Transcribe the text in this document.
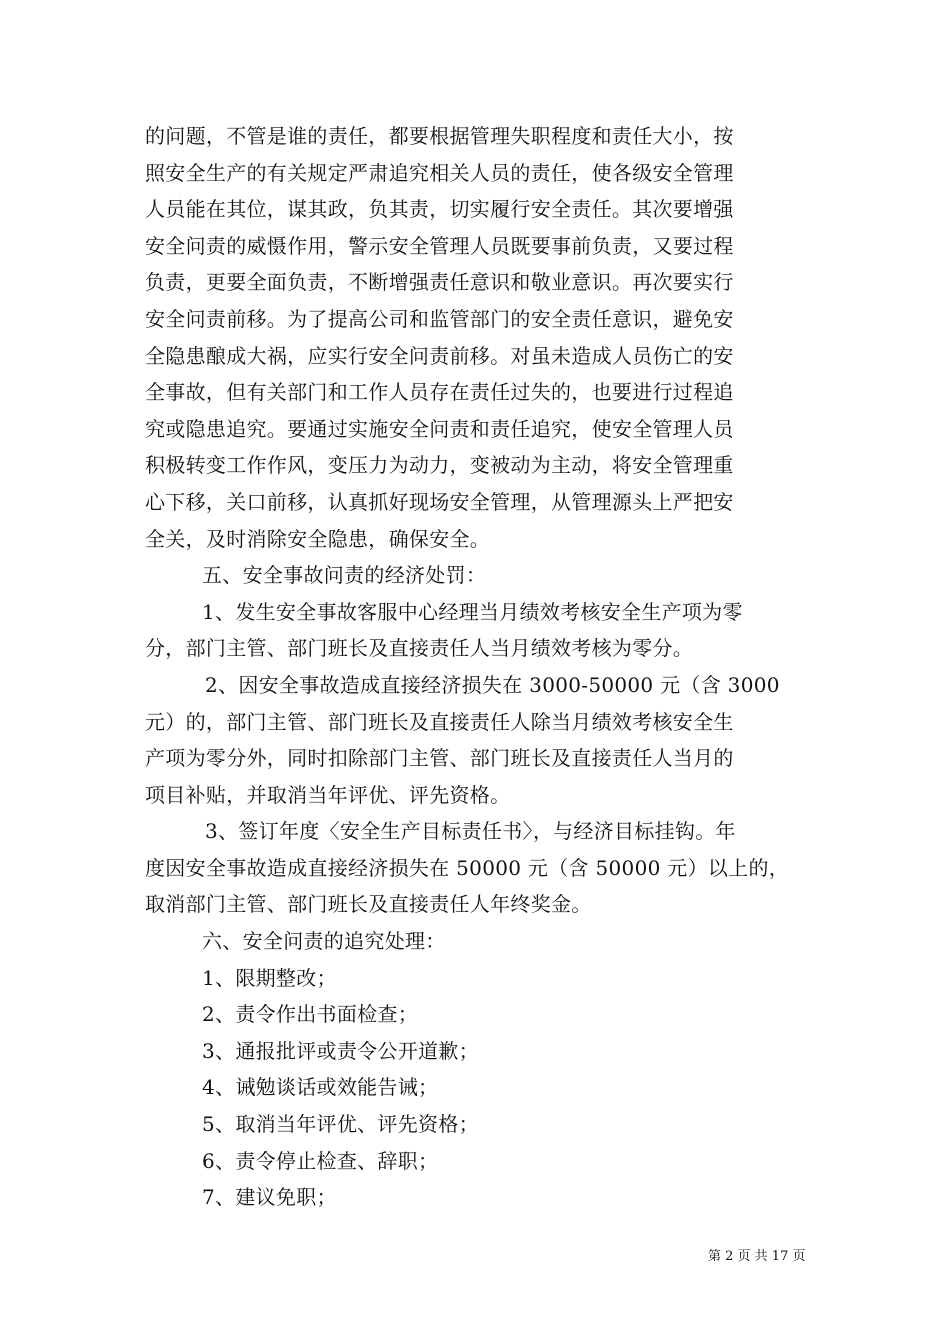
的问题，不管是谁的责任，都要根据管理失职程度和责任大小，按
照安全生产的有关规定严肃追究相关人员的责任，使各级安全管理
人员能在其位，谋其政，负其责，切实履行安全责任。其次要增强
安全问责的威慑作用，警示安全管理人员既要事前负责，又要过程
负责，更要全面负责，不断增强责任意识和敬业意识。再次要实行
安全问责前移。为了提高公司和监管部门的安全责任意识，避免安
全隐患酿成大祸，应实行安全问责前移。对虽未造成人员伤亡的安
全事故，但有关部门和工作人员存在责任过失的，也要进行过程追
究或隐患追究。要通过实施安全问责和责任追究，使安全管理人员
积极转变工作作风，变压力为动力，变被动为主动，将安全管理重
心下移，关口前移，认真抓好现场安全管理，从管理源头上严把安
全关，及时消除安全隐患，确保安全。
五、安全事故问责的经济处罚：
1、发生安全事故客服中心经理当月绩效考核安全生产项为零
分，部门主管、部门班长及直接责任人当月绩效考核为零分。
2、因安全事故造成直接经济损失在 3000-50000 元（含 3000
元）的，部门主管、部门班长及直接责任人除当月绩效考核安全生
产项为零分外，同时扣除部门主管、部门班长及直接责任人当月的
项目补贴，并取消当年评优、评先资格。
3、签订年度〈安全生产目标责任书〉，与经济目标挂钩。年
度因安全事故造成直接经济损失在 50000 元（含 50000 元）以上的，
取消部门主管、部门班长及直接责任人年终奖金。
六、安全问责的追究处理：
1、限期整改；
2、责令作出书面检查；
3、通报批评或责令公开道歉；
4、诫勉谈话或效能告诫；
5、取消当年评优、评先资格；
6、责令停止检查、辞职；
7、建议免职；
第 2 页 共 17 页
